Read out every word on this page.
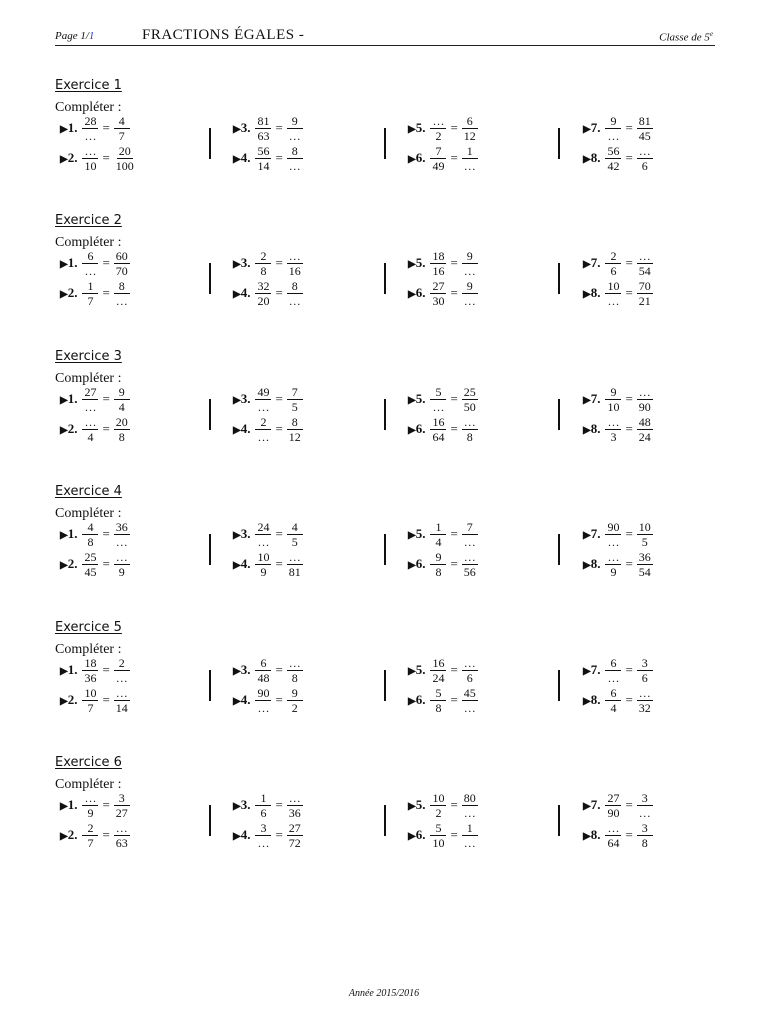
Page 1/1	FRACTIONS ÉGALES -	Classe de 5e
Exercice 1
Compléter :
▶1. $\frac{28}{\dots} = \frac{4}{7}$
▶2. $\frac{\dots}{10} = \frac{20}{100}$
▶3. $\frac{81}{63} = \frac{9}{\dots}$
▶4. $\frac{56}{14} = \frac{8}{\dots}$
▶5. $\frac{\dots}{2} = \frac{6}{12}$
▶6. $\frac{7}{49} = \frac{1}{\dots}$
▶7. $\frac{9}{\dots} = \frac{81}{45}$
▶8. $\frac{56}{42} = \frac{\dots}{6}$
Exercice 2
Compléter :
▶1. $\frac{6}{\dots} = \frac{60}{70}$
▶2. $\frac{1}{7} = \frac{8}{\dots}$
▶3. $\frac{2}{8} = \frac{\dots}{16}$
▶4. $\frac{32}{20} = \frac{8}{\dots}$
▶5. $\frac{18}{16} = \frac{9}{\dots}$
▶6. $\frac{27}{30} = \frac{9}{\dots}$
▶7. $\frac{2}{6} = \frac{\dots}{54}$
▶8. $\frac{10}{\dots} = \frac{70}{21}$
Exercice 3
Compléter :
▶1. $\frac{27}{\dots} = \frac{9}{4}$
▶2. $\frac{\dots}{4} = \frac{20}{8}$
▶3. $\frac{49}{\dots} = \frac{7}{5}$
▶4. $\frac{2}{\dots} = \frac{8}{12}$
▶5. $\frac{5}{\dots} = \frac{25}{50}$
▶6. $\frac{16}{64} = \frac{\dots}{8}$
▶7. $\frac{9}{10} = \frac{\dots}{90}$
▶8. $\frac{\dots}{3} = \frac{48}{24}$
Exercice 4
Compléter :
▶1. $\frac{4}{8} = \frac{36}{\dots}$
▶2. $\frac{25}{45} = \frac{\dots}{9}$
▶3. $\frac{24}{\dots} = \frac{4}{5}$
▶4. $\frac{10}{9} = \frac{\dots}{81}$
▶5. $\frac{1}{4} = \frac{7}{\dots}$
▶6. $\frac{9}{8} = \frac{\dots}{56}$
▶7. $\frac{90}{\dots} = \frac{10}{5}$
▶8. $\frac{\dots}{9} = \frac{36}{54}$
Exercice 5
Compléter :
▶1. $\frac{18}{36} = \frac{2}{\dots}$
▶2. $\frac{10}{7} = \frac{\dots}{14}$
▶3. $\frac{6}{48} = \frac{\dots}{8}$
▶4. $\frac{90}{\dots} = \frac{9}{2}$
▶5. $\frac{16}{24} = \frac{\dots}{6}$
▶6. $\frac{5}{8} = \frac{45}{\dots}$
▶7. $\frac{6}{\dots} = \frac{3}{6}$
▶8. $\frac{6}{4} = \frac{\dots}{32}$
Exercice 6
Compléter :
▶1. $\frac{\dots}{9} = \frac{3}{27}$
▶2. $\frac{2}{7} = \frac{\dots}{63}$
▶3. $\frac{1}{6} = \frac{\dots}{36}$
▶4. $\frac{3}{\dots} = \frac{27}{72}$
▶5. $\frac{10}{2} = \frac{80}{\dots}$
▶6. $\frac{5}{10} = \frac{1}{\dots}$
▶7. $\frac{27}{90} = \frac{3}{\dots}$
▶8. $\frac{\dots}{64} = \frac{3}{8}$
Année 2015/2016
